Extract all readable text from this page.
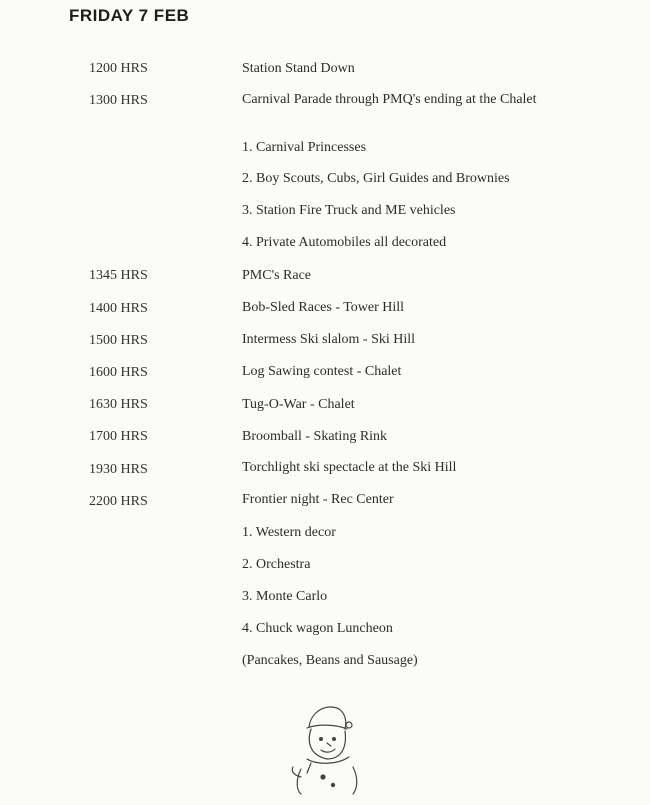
FRIDAY 7 FEB
1200 HRS	Station Stand Down
1300 HRS	Carnival Parade through PMQ's ending at the Chalet
1. Carnival Princesses
2. Boy Scouts, Cubs, Girl Guides and Brownies
3. Station Fire Truck and ME vehicles
4. Private Automobiles all decorated
1345 HRS	PMC's Race
1400 HRS	Bob-Sled Races - Tower Hill
1500 HRS	Intermess Ski slalom - Ski Hill
1600 HRS	Log Sawing contest - Chalet
1630 HRS	Tug-O-War - Chalet
1700 HRS	Broomball - Skating Rink
1930 HRS	Torchlight ski spectacle at the Ski Hill
2200 HRS	Frontier night - Rec Center
1. Western decor
2. Orchestra
3. Monte Carlo
4. Chuck wagon Luncheon
(Pancakes, Beans and Sausage)
